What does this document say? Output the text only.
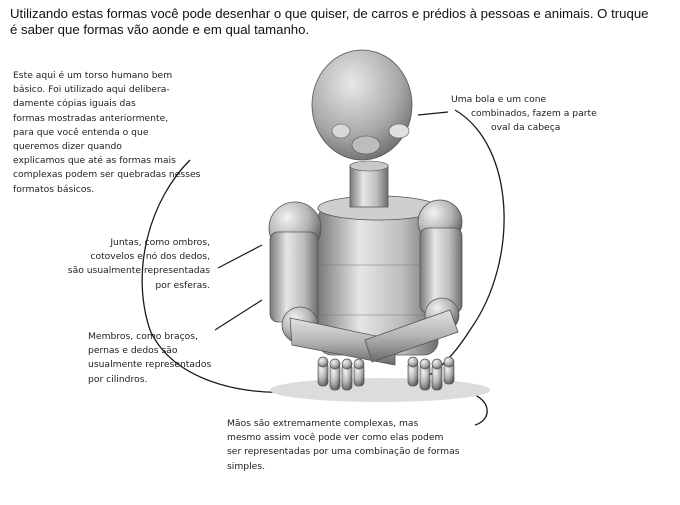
Utilizando estas formas você pode desenhar o que quiser, de carros e prédios à pessoas e animais. O truque
é saber que formas vão aonde e em qual tamanho.
Este aqui é um torso humano bem
básico. Foi utilizado aqui delibera-
damente cópias iguais das
formas mostradas anteriormente,
para que você entenda o que
queremos dizer quando
explicamos que até as formas mais
complexas podem ser quebradas nesses
formatos básicos.
Uma bola e um cone
combinados, fazem a parte
oval da cabeça
Juntas, como ombros,
cotovelos e nó dos dedos,
são usualmente representadas
por esferas.
Membros, como braços,
pernas e dedos são
usualmente representados
por cilindros.
Mãos são extremamente complexas, mas
mesmo assim você pode ver como elas podem
ser representadas por uma combinação de formas
simples.
